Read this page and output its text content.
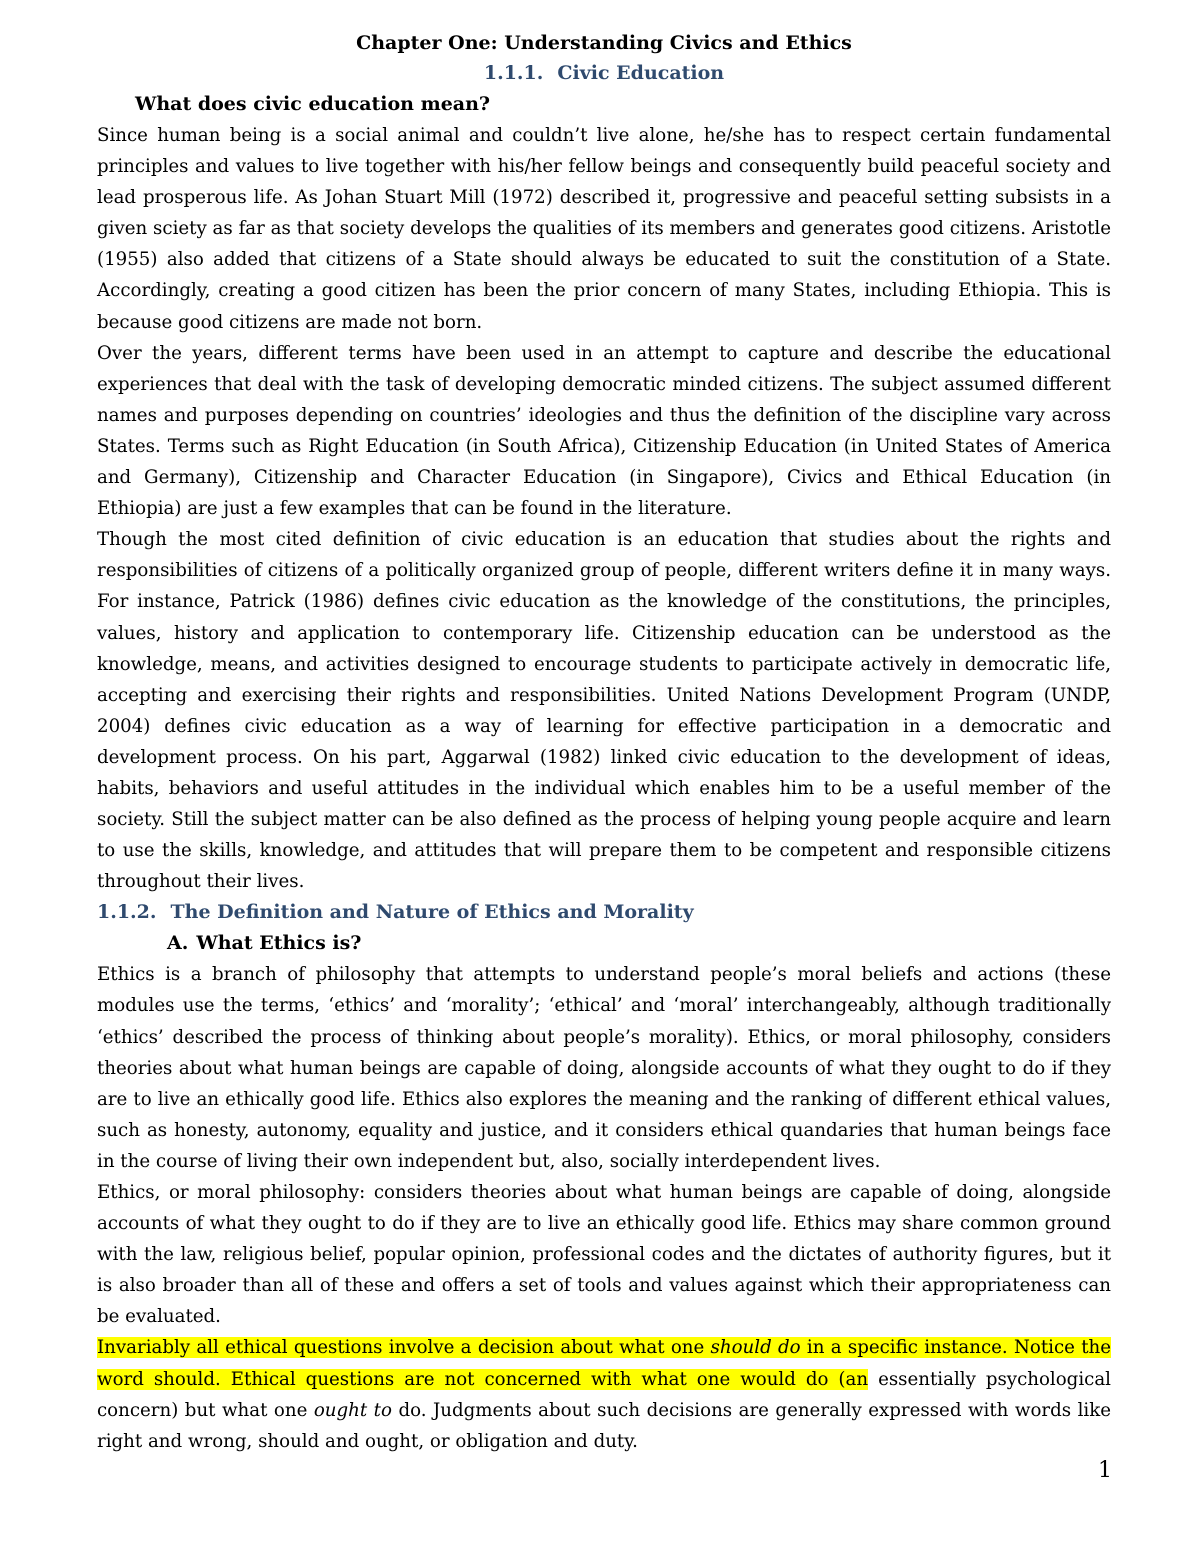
Chapter One: Understanding Civics and Ethics
1.1.1. Civic Education
What does civic education mean?

Since human being is a social animal and couldn’t live alone, he/she has to respect certain fundamental principles and values to live together with his/her fellow beings and consequently build peaceful society and lead prosperous life. As Johan Stuart Mill (1972) described it, progressive and peaceful setting subsists in a given sciety as far as that society develops the qualities of its members and generates good citizens. Aristotle (1955) also added that citizens of a State should always be educated to suit the constitution of a State. Accordingly, creating a good citizen has been the prior concern of many States, including Ethiopia. This is because good citizens are made not born.

Over the years, different terms have been used in an attempt to capture and describe the educational experiences that deal with the task of developing democratic minded citizens. The subject assumed different names and purposes depending on countries’ ideologies and thus the definition of the discipline vary across States. Terms such as Right Education (in South Africa), Citizenship Education (in United States of America and Germany), Citizenship and Character Education (in Singapore), Civics and Ethical Education (in Ethiopia) are just a few examples that can be found in the literature.

Though the most cited definition of civic education is an education that studies about the rights and responsibilities of citizens of a politically organized group of people, different writers define it in many ways. For instance, Patrick (1986) defines civic education as the knowledge of the constitutions, the principles, values, history and application to contemporary life. Citizenship education can be understood as the knowledge, means, and activities designed to encourage students to participate actively in democratic life, accepting and exercising their rights and responsibilities. United Nations Development Program (UNDP, 2004) defines civic education as a way of learning for effective participation in a democratic and development process. On his part, Aggarwal (1982) linked civic education to the development of ideas, habits, behaviors and useful attitudes in the individual which enables him to be a useful member of the society. Still the subject matter can be also defined as the process of helping young people acquire and learn to use the skills, knowledge, and attitudes that will prepare them to be competent and responsible citizens throughout their lives.

1.1.2. The Definition and Nature of Ethics and Morality
A. What Ethics is?

Ethics is a branch of philosophy that attempts to understand people’s moral beliefs and actions (these modules use the terms, ‘ethics’ and ‘morality’; ‘ethical’ and ‘moral’ interchangeably, although traditionally ‘ethics’ described the process of thinking about people’s morality). Ethics, or moral philosophy, considers theories about what human beings are capable of doing, alongside accounts of what they ought to do if they are to live an ethically good life. Ethics also explores the meaning and the ranking of different ethical values, such as honesty, autonomy, equality and justice, and it considers ethical quandaries that human beings face in the course of living their own independent but, also, socially interdependent lives.

Ethics, or moral philosophy: considers theories about what human beings are capable of doing, alongside accounts of what they ought to do if they are to live an ethically good life. Ethics may share common ground with the law, religious belief, popular opinion, professional codes and the dictates of authority figures, but it is also broader than all of these and offers a set of tools and values against which their appropriateness can be evaluated.

Invariably all ethical questions involve a decision about what one should do in a specific instance. Notice the word should. Ethical questions are not concerned with what one would do (an essentially psychological concern) but what one ought to do. Judgments about such decisions are generally expressed with words like right and wrong, should and ought, or obligation and duty.

1
